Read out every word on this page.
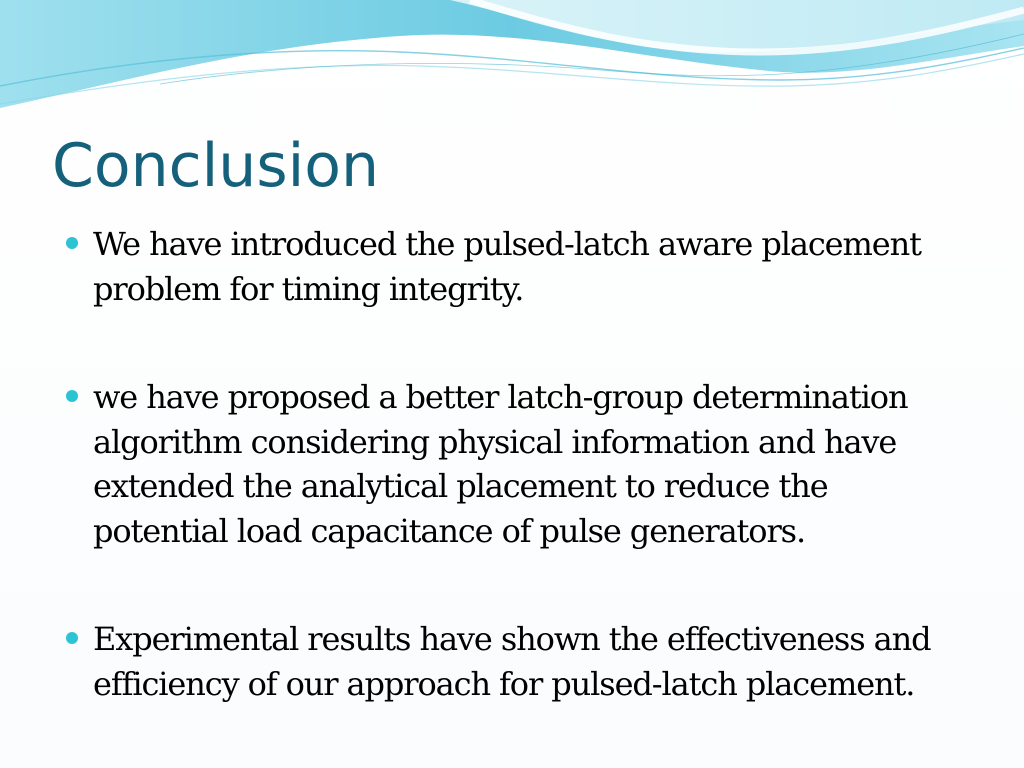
Conclusion
We have introduced the pulsed-latch aware placement problem for timing integrity.
we have proposed a better latch-group determination algorithm considering physical information and have extended the analytical placement to reduce the potential load capacitance of pulse generators.
Experimental results have shown the effectiveness and efficiency of our approach for pulsed-latch placement.
